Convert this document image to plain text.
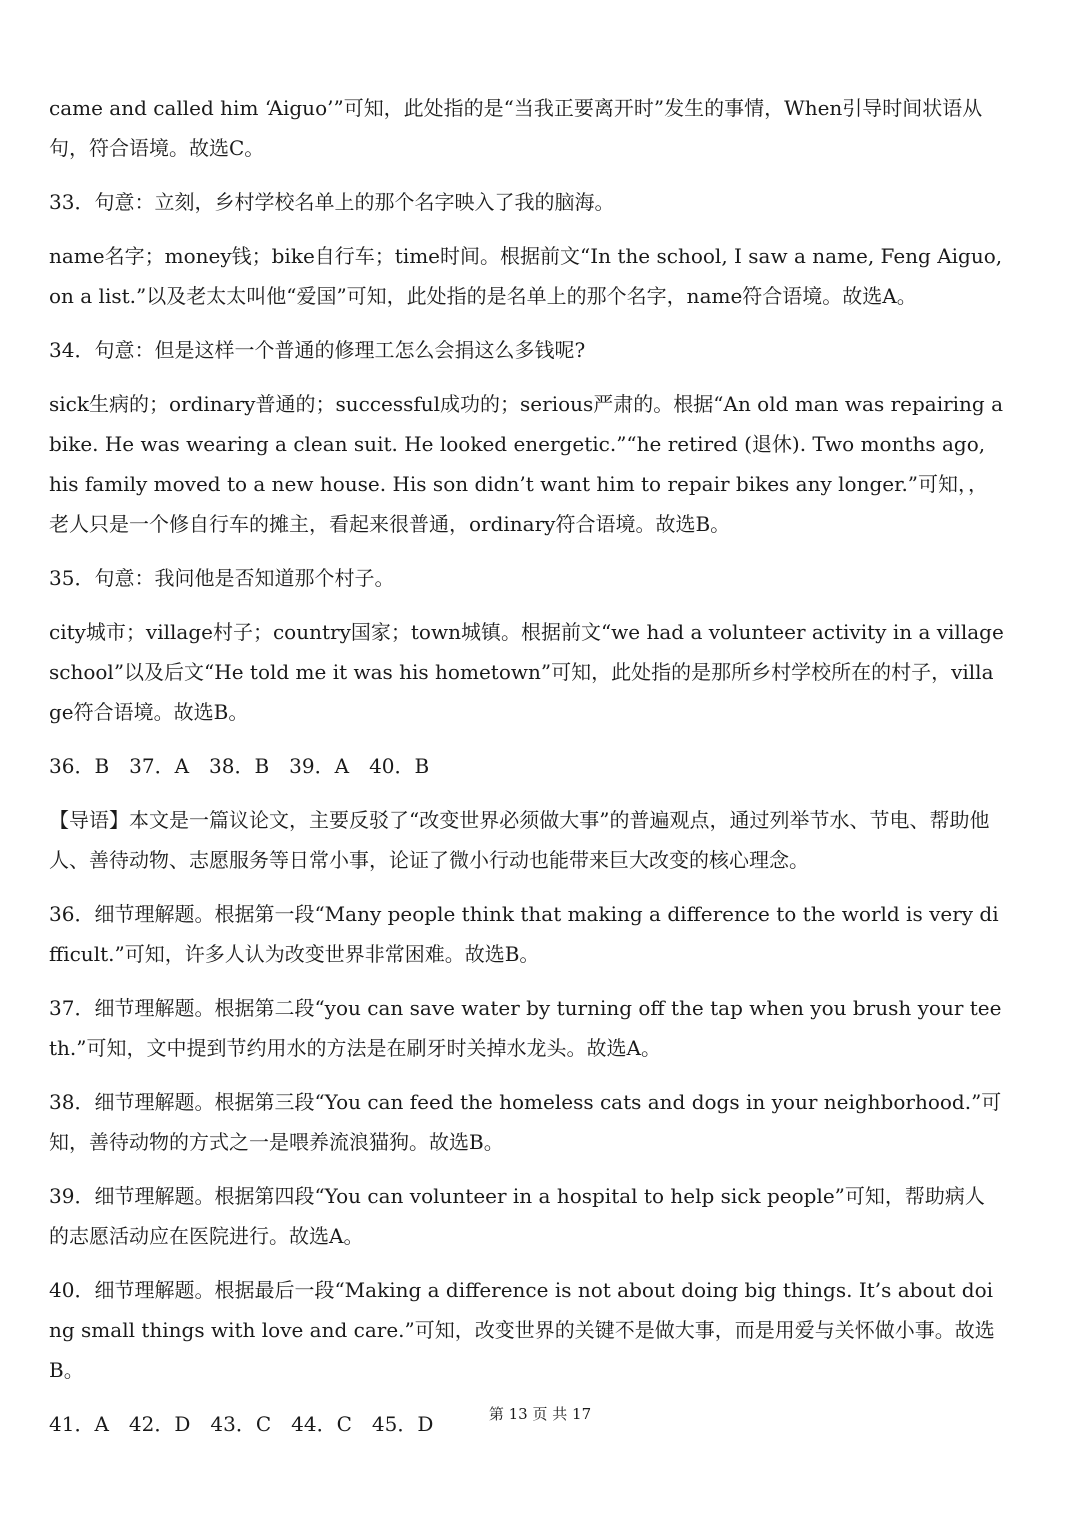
came and called him ‘Aiguo’”可知，此处指的是“当我正要离开时”发生的事情，When引导时间状语从句，符合语境。故选C。

33．句意：立刻，乡村学校名单上的那个名字映入了我的脑海。

name名字；money钱；bike自行车；time时间。根据前文“In the school, I saw a name, Feng Aiguo, on a list.”以及老太太叫他“爱国”可知，此处指的是名单上的那个名字，name符合语境。故选A。

34．句意：但是这样一个普通的修理工怎么会捐这么多钱呢?

sick生病的；ordinary普通的；successful成功的；serious严肃的。根据“An old man was repairing a bike. He was wearing a clean suit. He looked energetic.”“he retired (退休). Two months ago, his family moved to a new house. His son didn’t want him to repair bikes any longer.”可知，，老人只是一个修自行车的摊主，看起来很普通，ordinary符合语境。故选B。

35．句意：我问他是否知道那个村子。

city城市；village村子；country国家；town城镇。根据前文“we had a volunteer activity in a village school”以及后文“He told me it was his hometown”可知，此处指的是那所乡村学校所在的村子，village符合语境。故选B。

36．B　37．A　38．B　39．A　40．B

【导语】本文是一篇议论文，主要反驳了“改变世界必须做大事”的普遍观点，通过列举节水、节电、帮助他人、善待动物、志愿服务等日常小事，论证了微小行动也能带来巨大改变的核心理念。

36．细节理解题。根据第一段“Many people think that making a difference to the world is very difficult.”可知，许多人认为改变世界非常困难。故选B。

37．细节理解题。根据第二段“you can save water by turning off the tap when you brush your teeth.”可知，文中提到节约用水的方法是在刷牙时关掉水龙头。故选A。

38．细节理解题。根据第三段“You can feed the homeless cats and dogs in your neighborhood.”可知，善待动物的方式之一是喂养流浪猫狗。故选B。

39．细节理解题。根据第四段“You can volunteer in a hospital to help sick people”可知，帮助病人的志愿活动应在医院进行。故选A。

40．细节理解题。根据最后一段“Making a difference is not about doing big things. It’s about doing small things with love and care.”可知，改变世界的关键不是做大事，而是用爱与关怀做小事。故选B。

41．A　42．D　43．C　44．C　45．D	第 13 页 共 17
